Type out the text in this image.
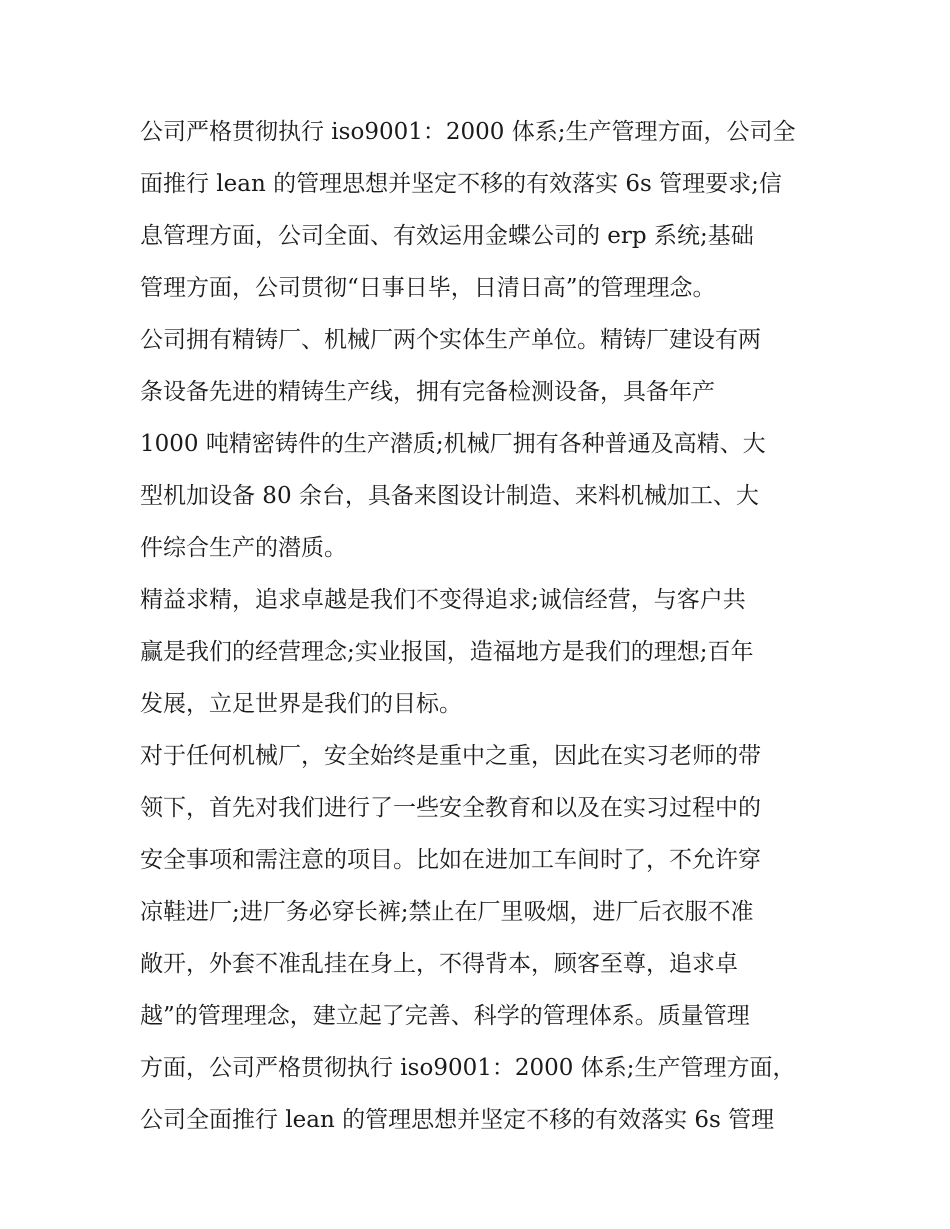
公司严格贯彻执行 iso9001：2000 体系;生产管理方面，公司全
面推行 lean 的管理思想并坚定不移的有效落实 6s 管理要求;信
息管理方面，公司全面、有效运用金蝶公司的 erp 系统;基础
管理方面，公司贯彻“日事日毕，日清日高”的管理理念。
公司拥有精铸厂、机械厂两个实体生产单位。精铸厂建设有两
条设备先进的精铸生产线，拥有完备检测设备，具备年产
1000 吨精密铸件的生产潜质;机械厂拥有各种普通及高精、大
型机加设备 80 余台，具备来图设计制造、来料机械加工、大
件综合生产的潜质。
精益求精，追求卓越是我们不变得追求;诚信经营，与客户共
赢是我们的经营理念;实业报国，造福地方是我们的理想;百年
发展，立足世界是我们的目标。
对于任何机械厂，安全始终是重中之重，因此在实习老师的带
领下，首先对我们进行了一些安全教育和以及在实习过程中的
安全事项和需注意的项目。比如在进加工车间时了，不允许穿
凉鞋进厂;进厂务必穿长裤;禁止在厂里吸烟，进厂后衣服不准
敞开，外套不准乱挂在身上，不得背本，顾客至尊，追求卓
越”的管理理念，建立起了完善、科学的管理体系。质量管理
方面，公司严格贯彻执行 iso9001：2000 体系;生产管理方面，
公司全面推行 lean 的管理思想并坚定不移的有效落实 6s 管理
